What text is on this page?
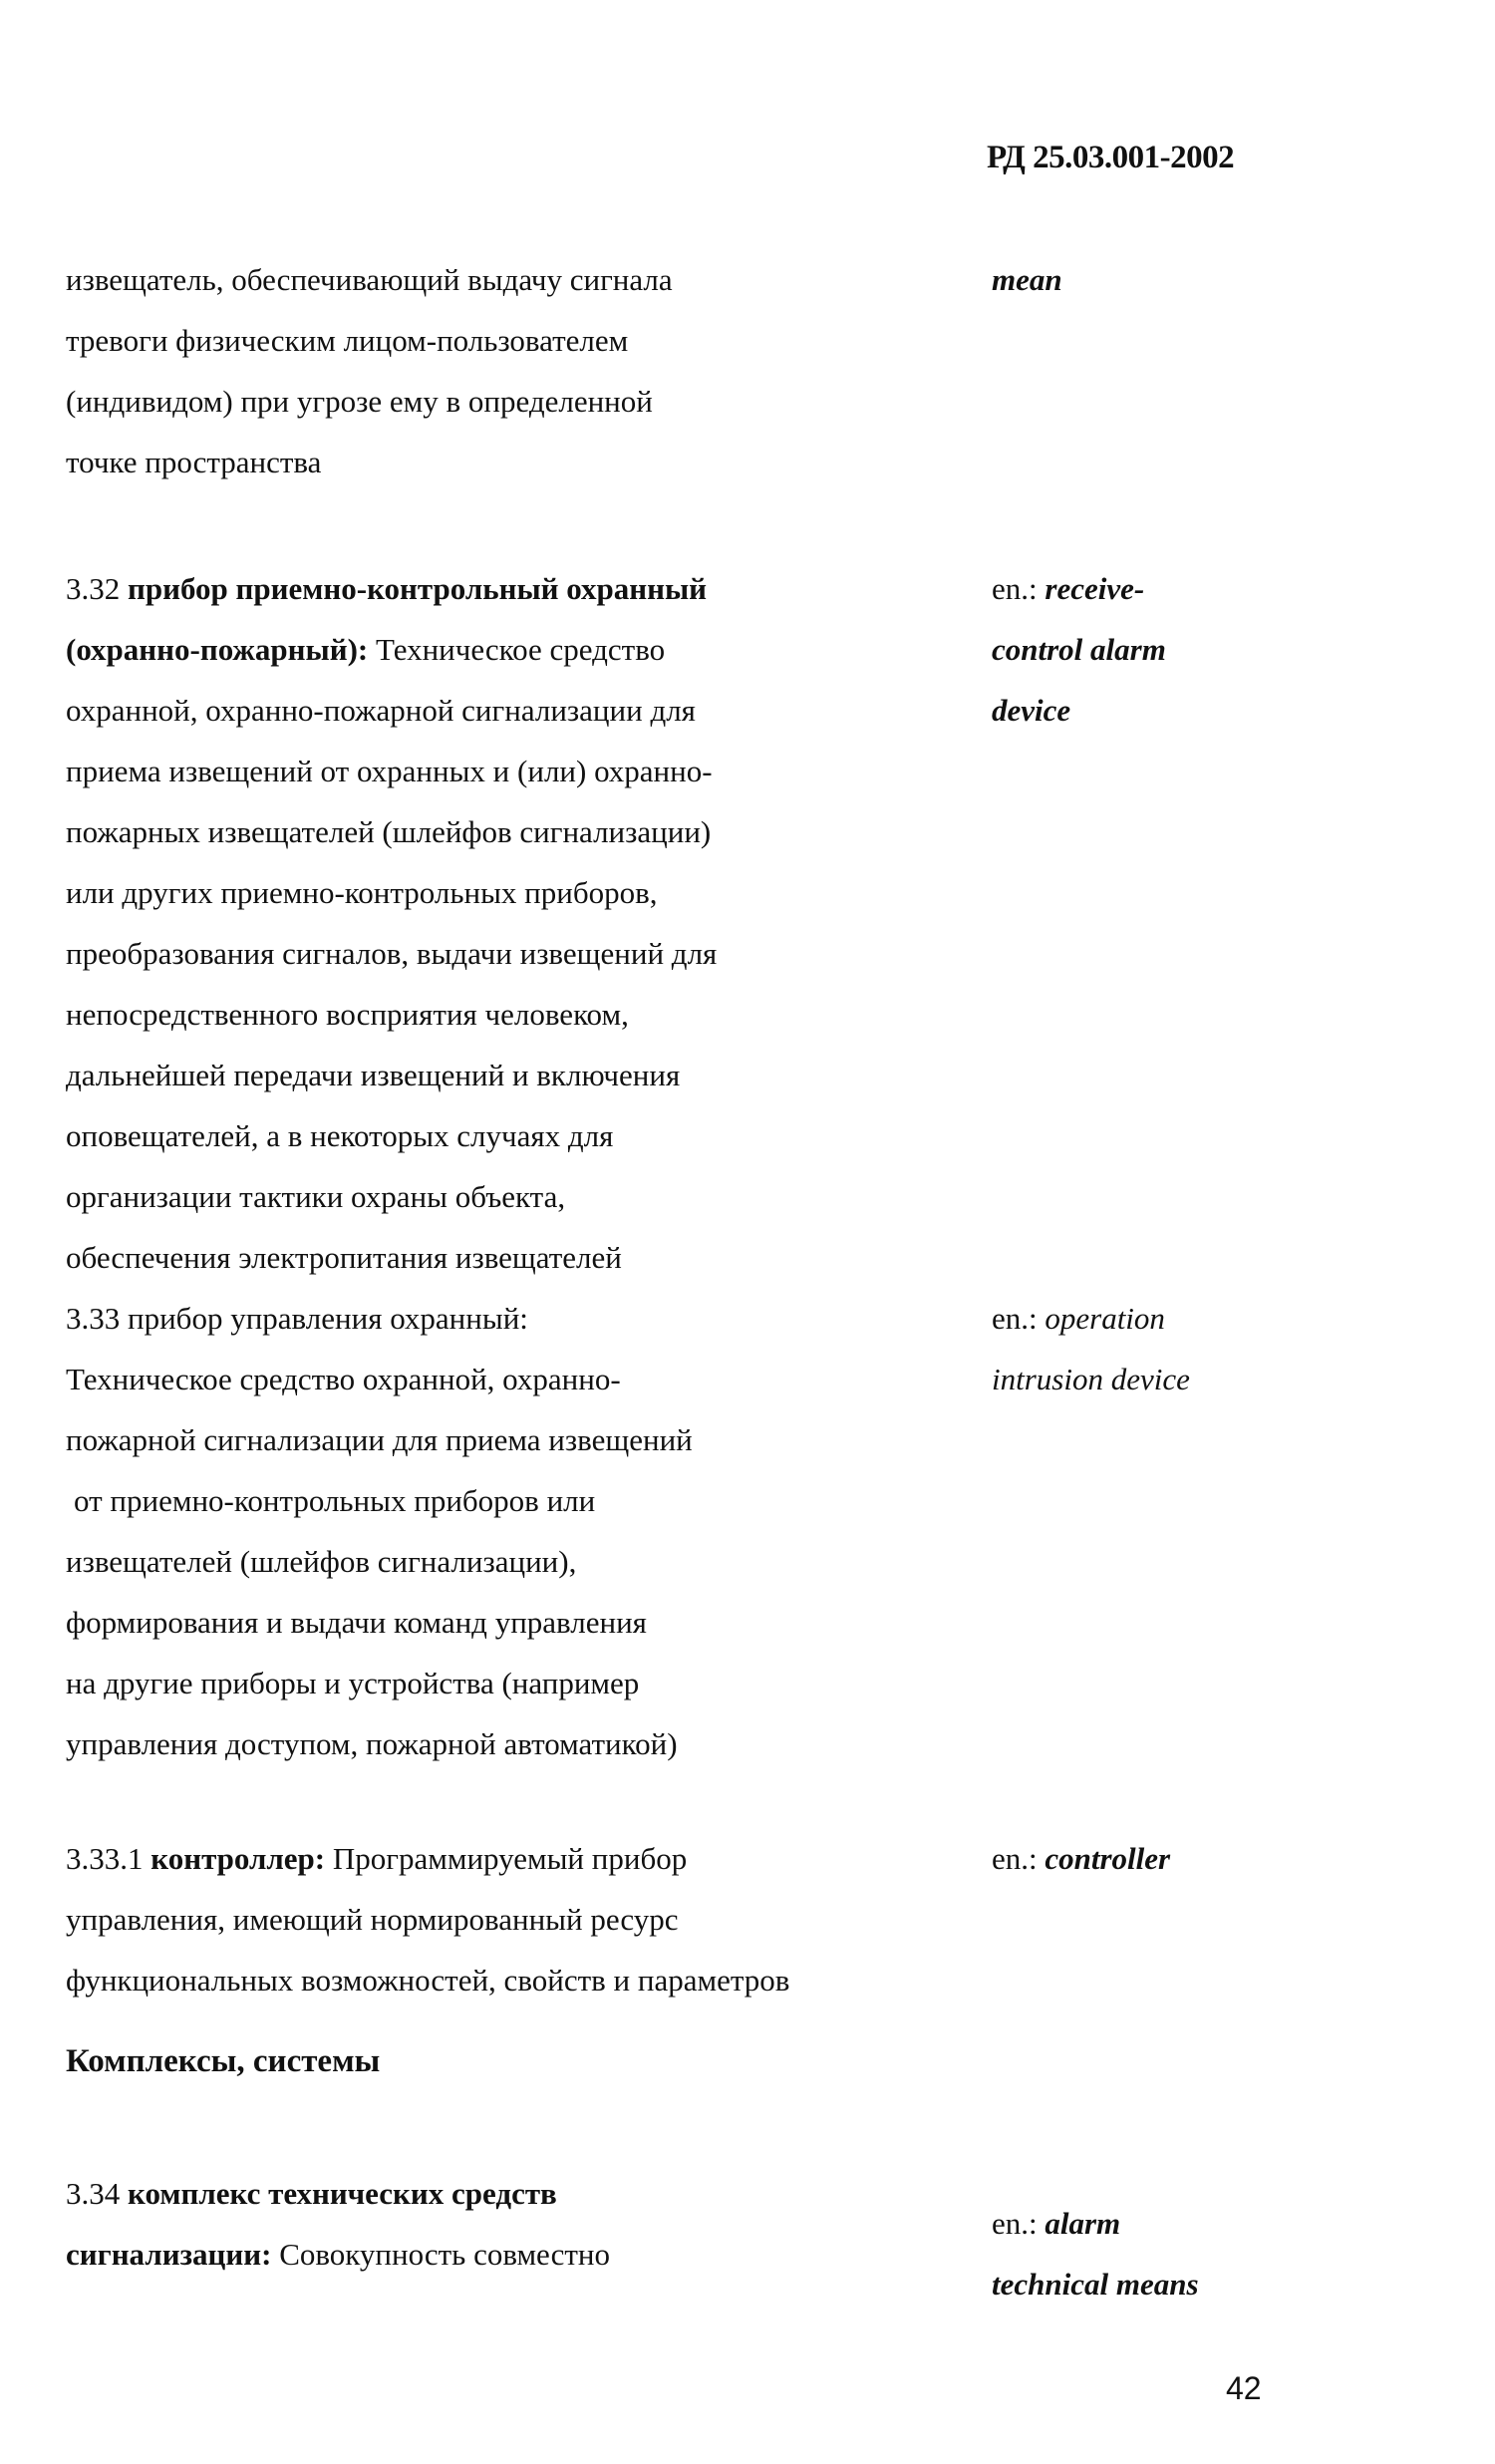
РД 25.03.001-2002
извещатель, обеспечивающий выдачу сигнала
тревоги физическим лицом-пользователем
(индивидом) при угрозе ему в определенной
точке пространства
mean
3.32 прибор приемно-контрольный охранный
(охранно-пожарный): Техническое средство
охранной, охранно-пожарной сигнализации для
приема извещений от охранных и (или) охранно-
пожарных извещателей (шлейфов сигнализации)
или других приемно-контрольных приборов,
преобразования сигналов, выдачи извещений для
непосредственного восприятия человеком,
дальнейшей передачи извещений и включения
оповещателей, а в некоторых случаях для
организации тактики охраны объекта,
обеспечения электропитания извещателей
en.: receive-
control alarm
device
3.33 прибор управления охранный:
Техническое средство охранной, охранно-
пожарной сигнализации для приема извещений
от приемно-контрольных приборов или
извещателей (шлейфов сигнализации),
формирования и выдачи команд управления
на другие приборы и устройства (например
управления доступом, пожарной автоматикой)
en.: operation
intrusion device
3.33.1 контроллер: Программируемый прибор
управления, имеющий нормированный ресурс
функциональных возможностей, свойств и параметров
en.: controller
Комплексы, системы
3.34 комплекс технических средств
сигнализации: Совокупность совместно
en.: alarm
technical means
42
